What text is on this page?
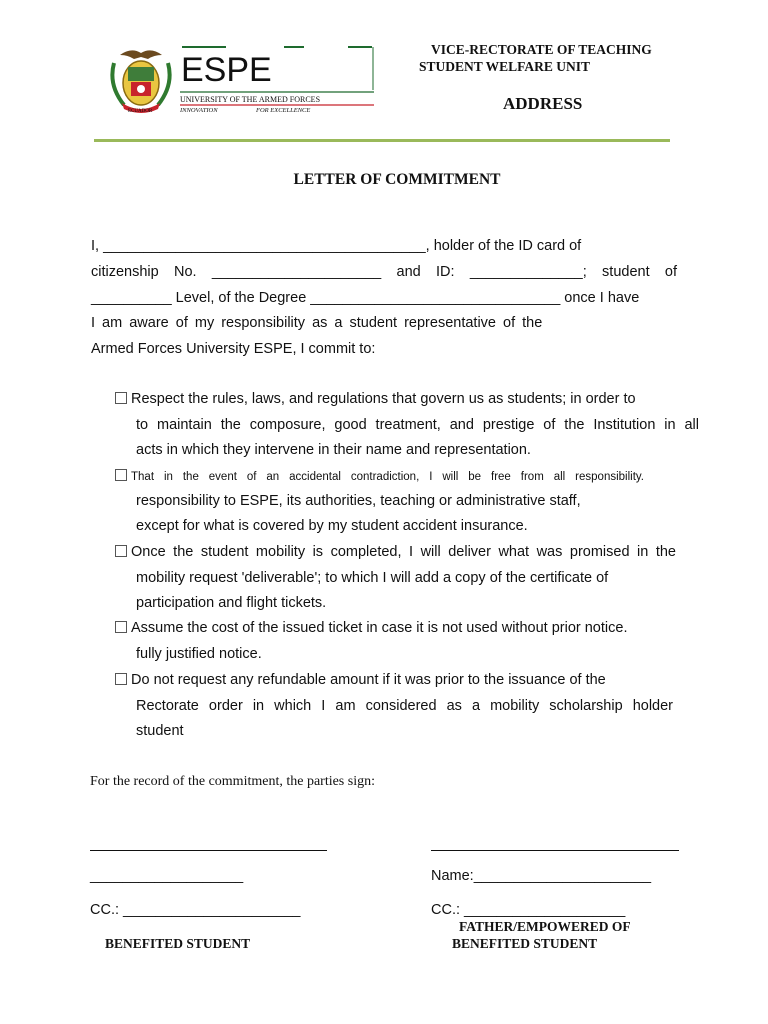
ECUADOR
ESPE
UNIVERSITY OF THE ARMED FORCES
INNOVATION	FOR EXCELLENCE
VICE-RECTORATE OF TEACHING
STUDENT WELFARE UNIT
ADDRESS
LETTER OF COMMITMENT
I, ________________________________________, holder of the ID card of
citizenship No. _____________________ and ID: ______________; student of
__________ Level, of the Degree _______________________________ once I have
I am aware of my responsibility as a student representative of the
Armed Forces University ESPE, I commit to:
Respect the rules, laws, and regulations that govern us as students; in order to
to maintain the composure, good treatment, and prestige of the Institution in all
acts in which they intervene in their name and representation.
That in the event of an accidental contradiction, I will be free from all responsibility.
responsibility to ESPE, its authorities, teaching or administrative staff,
except for what is covered by my student accident insurance.
Once the student mobility is completed, I will deliver what was promised in the
mobility request 'deliverable'; to which I will add a copy of the certificate of
participation and flight tickets.
Assume the cost of the issued ticket in case it is not used without prior notice.
fully justified notice.
Do not request any refundable amount if it was prior to the issuance of the
Rectorate order in which I am considered as a mobility scholarship holder
student
For the record of the commitment, the parties sign:
___________________	Name:______________________
CC.: ______________________	CC.: ____________________
BENEFITED STUDENT
FATHER/EMPOWERED OF
BENEFITED STUDENT
